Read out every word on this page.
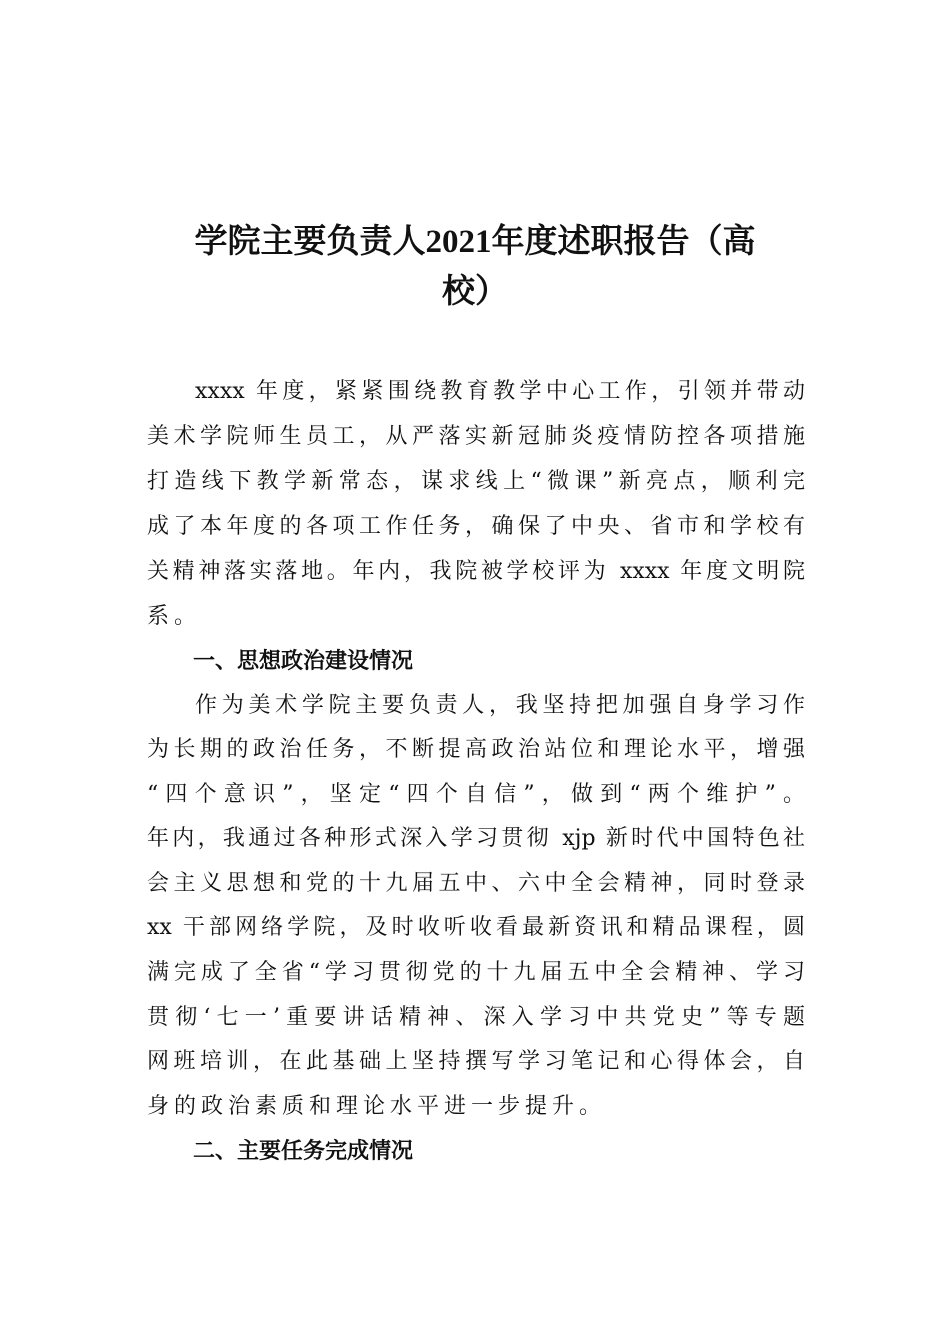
学院主要负责人2021年度述职报告（高
校）
xxxx 年度，紧紧围绕教育教学中心工作，引领并带动
美术学院师生员工，从严落实新冠肺炎疫情防控各项措施
打造线下教学新常态，谋求线上“微课”新亮点，顺利完
成了本年度的各项工作任务，确保了中央、省市和学校有
关精神落实落地。年内，我院被学校评为 xxxx 年度文明院
系。
一、思想政治建设情况
作为美术学院主要负责人，我坚持把加强自身学习作
为长期的政治任务，不断提高政治站位和理论水平，增强
“四个意识”，坚定“四个自信”，做到“两个维护”。
年内，我通过各种形式深入学习贯彻 xjp 新时代中国特色社
会主义思想和党的十九届五中、六中全会精神，同时登录
xx 干部网络学院，及时收听收看最新资讯和精品课程，圆
满完成了全省“学习贯彻党的十九届五中全会精神、学习
贯彻‘七一’重要讲话精神、深入学习中共党史”等专题
网班培训，在此基础上坚持撰写学习笔记和心得体会，自
身的政治素质和理论水平进一步提升。
二、主要任务完成情况
